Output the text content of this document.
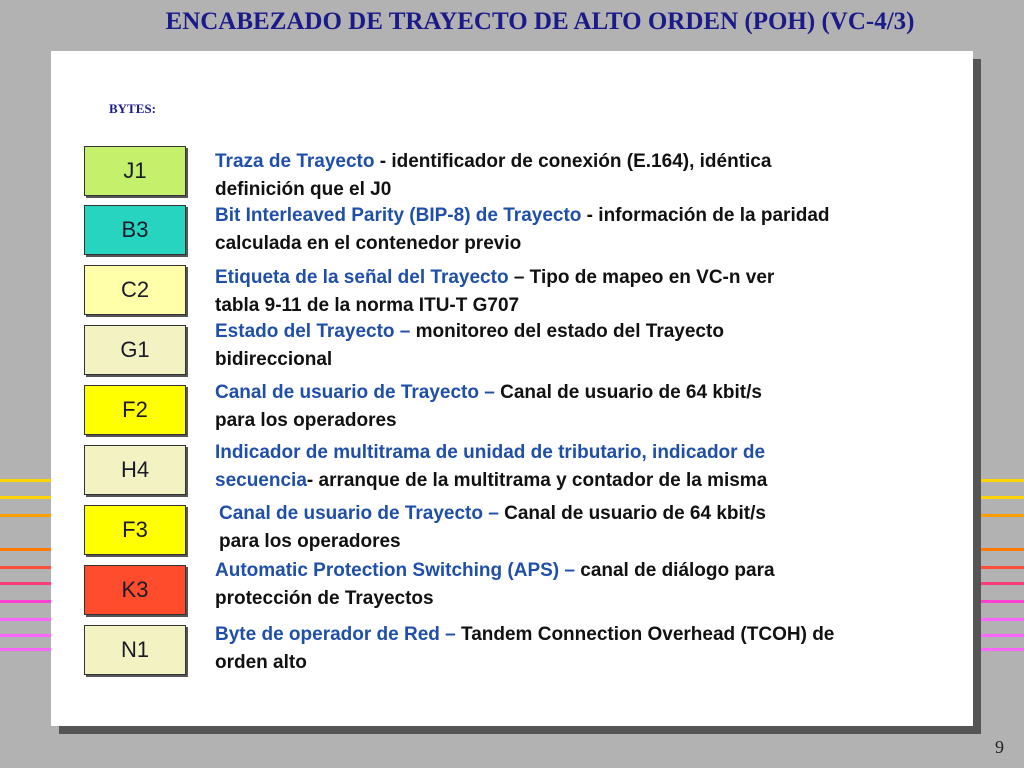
ENCABEZADO DE TRAYECTO DE ALTO ORDEN (POH) (VC-4/3)
BYTES:
J1	Traza de Trayecto - identificador de conexión (E.164), idéntica
definición que el J0
B3
Bit Interleaved Parity (BIP-8) de Trayecto - información de la paridad
calculada en el contenedor previo
C2	Etiqueta de la señal del Trayecto – Tipo de mapeo en VC-n ver
tabla 9-11 de la norma ITU-T G707
G1
Estado del Trayecto – monitoreo del estado del Trayecto
bidireccional
F2
Canal de usuario de Trayecto – Canal de usuario de 64 kbit/s
para los operadores
H4
Indicador de multitrama de unidad de tributario, indicador de
secuencia- arranque de la multitrama y contador de la misma
F3
Canal de usuario de Trayecto – Canal de usuario de 64 kbit/s
para los operadores
K3
Automatic Protection Switching (APS) – canal de diálogo para
protección de Trayectos
N1
Byte de operador de Red – Tandem Connection Overhead (TCOH) de
orden alto
9
